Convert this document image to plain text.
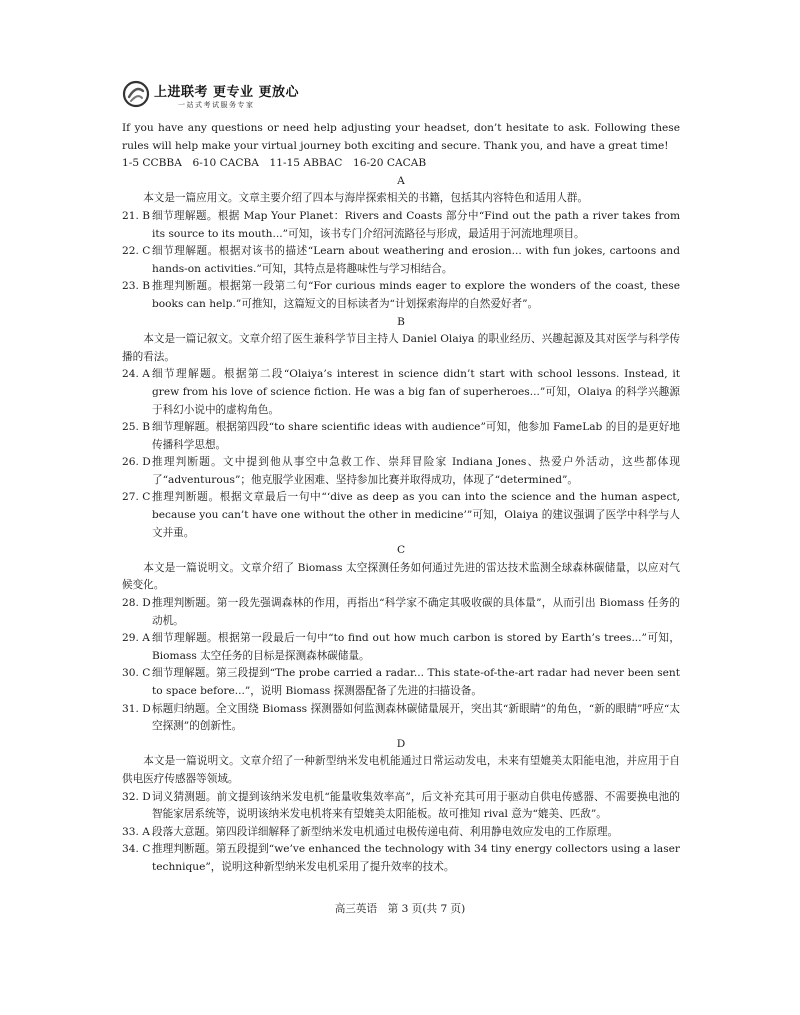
上进联考 更专业 更放心
一站式考试服务专家

If you have any questions or need help adjusting your headset, don’t hesitate to ask. Following these rules will help make your virtual journey both exciting and secure. Thank you, and have a great time!

1-5 CCBBA　6-10 CACBA　11-15 ABBAC　16-20 CACAB

A

本文是一篇应用文。文章主要介绍了四本与海岸探索相关的书籍，包括其内容特色和适用人群。

21. B 细节理解题。根据 Map Your Planet：Rivers and Coasts 部分中“Find out the path a river takes from its source to its mouth...”可知，该书专门介绍河流路径与形成，最适用于河流地理项目。
22. C 细节理解题。根据对该书的描述“Learn about weathering and erosion... with fun jokes, cartoons and hands-on activities.”可知，其特点是将趣味性与学习相结合。
23. B 推理判断题。根据第一段第二句“For curious minds eager to explore the wonders of the coast, these books can help.”可推知，这篇短文的目标读者为“计划探索海岸的自然爱好者”。

B

本文是一篇记叙文。文章介绍了医生兼科学节目主持人 Daniel Olaiya 的职业经历、兴趣起源及其对医学与科学传播的看法。

24. A 细节理解题。根据第二段“Olaiya’s interest in science didn’t start with school lessons. Instead, it grew from his love of science fiction. He was a big fan of superheroes...”可知，Olaiya 的科学兴趣源于科幻小说中的虚构角色。
25. B 细节理解题。根据第四段“to share scientific ideas with audience”可知，他参加 FameLab 的目的是更好地传播科学思想。
26. D 推理判断题。文中提到他从事空中急救工作、崇拜冒险家 Indiana Jones、热爱户外活动，这些都体现了“adventurous”；他克服学业困难、坚持参加比赛并取得成功，体现了“determined”。
27. C 推理判断题。根据文章最后一句中“‘dive as deep as you can into the science and the human aspect, because you can’t have one without the other in medicine’”可知，Olaiya 的建议强调了医学中科学与人文并重。

C

本文是一篇说明文。文章介绍了 Biomass 太空探测任务如何通过先进的雷达技术监测全球森林碳储量，以应对气候变化。

28. D 推理判断题。第一段先强调森林的作用，再指出“科学家不确定其吸收碳的具体量”，从而引出 Biomass 任务的动机。
29. A 细节理解题。根据第一段最后一句中“to find out how much carbon is stored by Earth’s trees...”可知，Biomass 太空任务的目标是探测森林碳储量。
30. C 细节理解题。第三段提到“The probe carried a radar... This state-of-the-art radar had never been sent to space before...”，说明 Biomass 探测器配备了先进的扫描设备。
31. D 标题归纳题。全文围绕 Biomass 探测器如何监测森林碳储量展开，突出其“新眼睛”的角色，“新的眼睛”呼应“太空探测”的创新性。

D

本文是一篇说明文。文章介绍了一种新型纳米发电机能通过日常运动发电，未来有望媲美太阳能电池，并应用于自供电医疗传感器等领域。

32. D 词义猜测题。前文提到该纳米发电机“能量收集效率高”，后文补充其可用于驱动自供电传感器、不需要换电池的智能家居系统等，说明该纳米发电机将来有望媲美太阳能板。故可推知 rival 意为“媲美、匹敌”。
33. A 段落大意题。第四段详细解释了新型纳米发电机通过电极传递电荷、利用静电效应发电的工作原理。
34. C 推理判断题。第五段提到“we’ve enhanced the technology with 34 tiny energy collectors using a laser technique”，说明这种新型纳米发电机采用了提升效率的技术。
高三英语　第 3 页(共 7 页)
